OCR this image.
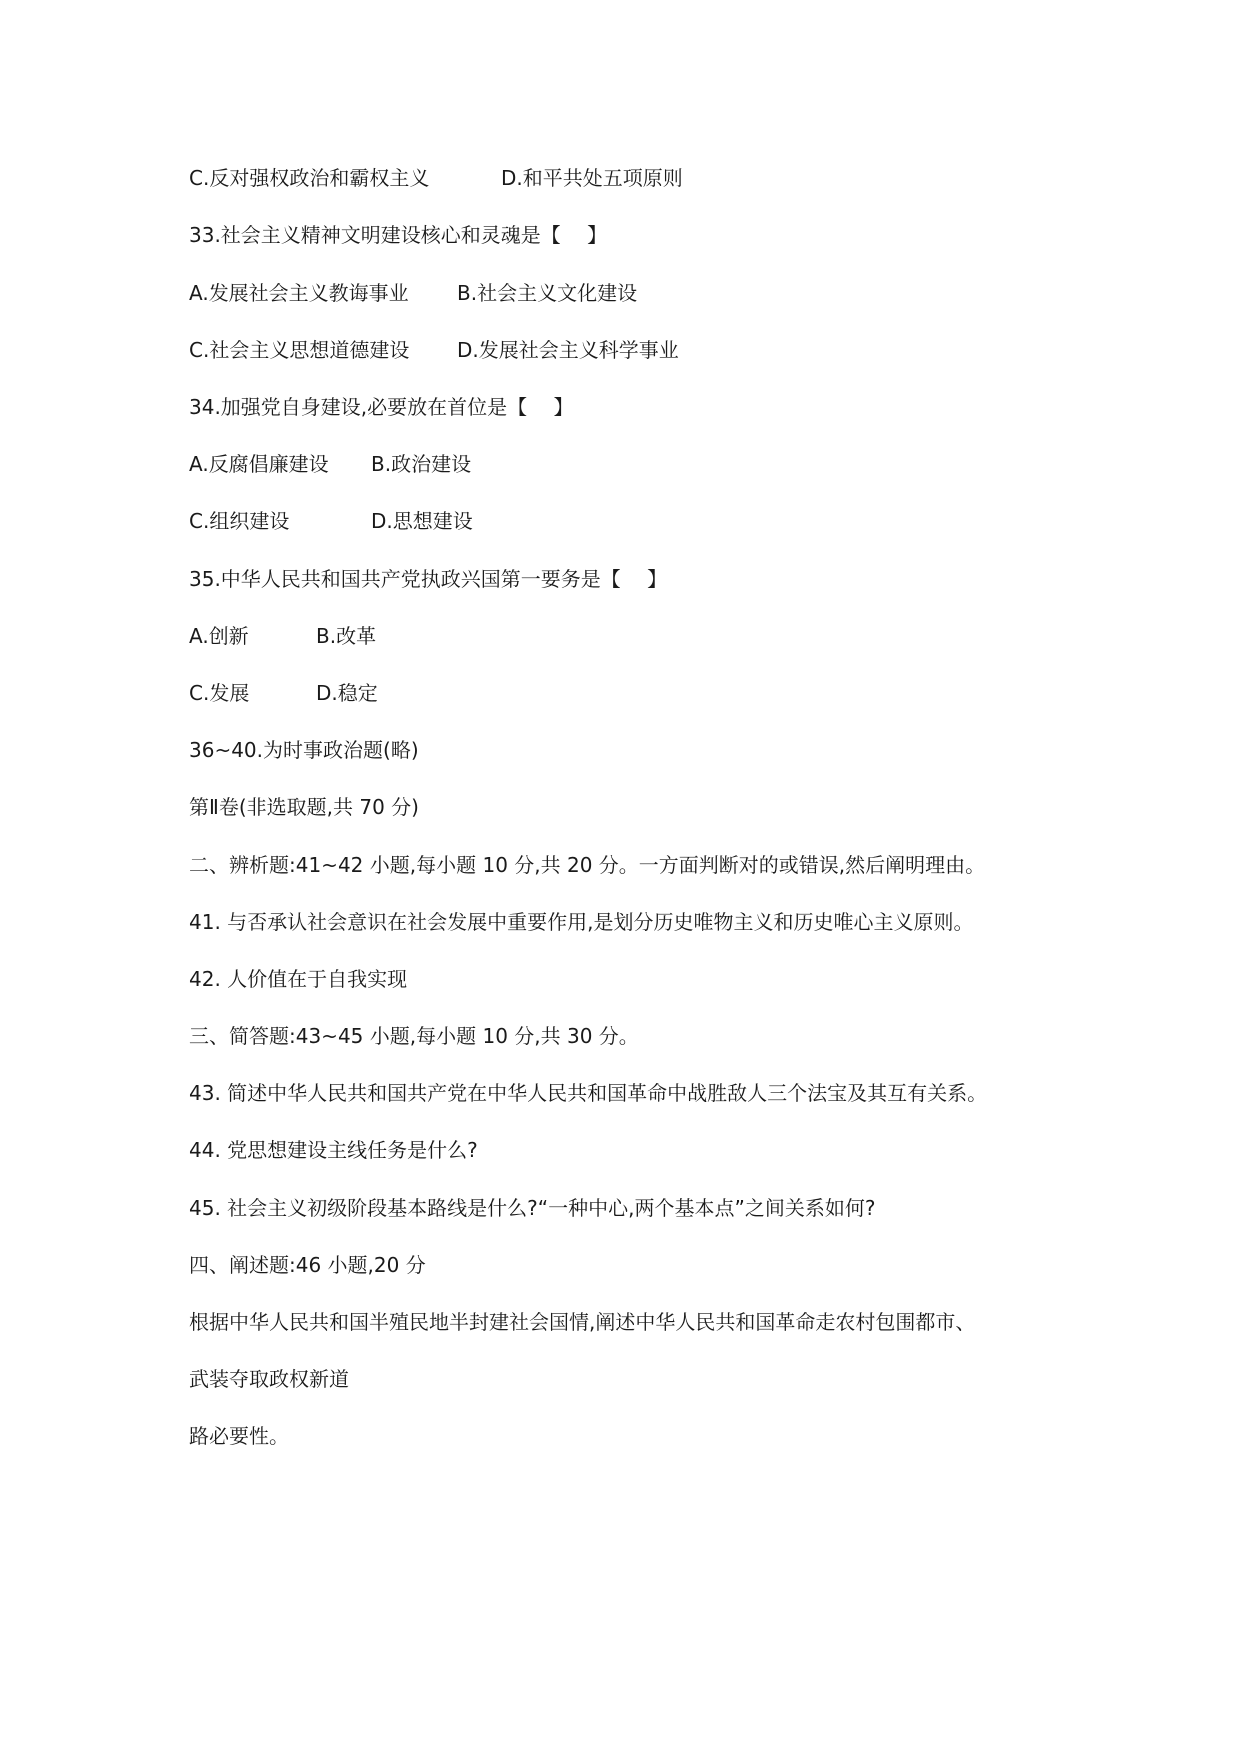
C.反对强权政治和霸权主义	D.和平共处五项原则
33.社会主义精神文明建设核心和灵魂是【　 】
A.发展社会主义教诲事业 B.社会主义文化建设
C.社会主义思想道德建设 D.发展社会主义科学事业
34.加强党自身建设,必要放在首位是【　 】
A.反腐倡廉建设 B.政治建设
C.组织建设	D.思想建设
35.中华人民共和国共产党执政兴国第一要务是【　 】
A.创新	B.改革
C.发展	D.稳定
36~40.为时事政治题(略)
第Ⅱ卷(非选取题,共 70 分)
二、辨析题:41~42 小题,每小题 10 分,共 20 分。一方面判断对的或错误,然后阐明理由。
41. 与否承认社会意识在社会发展中重要作用,是划分历史唯物主义和历史唯心主义原则。
42. 人价值在于自我实现
三、简答题:43~45 小题,每小题 10 分,共 30 分。
43. 简述中华人民共和国共产党在中华人民共和国革命中战胜敌人三个法宝及其互有关系。
44. 党思想建设主线任务是什么?
45. 社会主义初级阶段基本路线是什么?“一种中心,两个基本点”之间关系如何?
四、阐述题:46 小题,20 分
根据中华人民共和国半殖民地半封建社会国情,阐述中华人民共和国革命走农村包围都市、
武装夺取政权新道
路必要性。
